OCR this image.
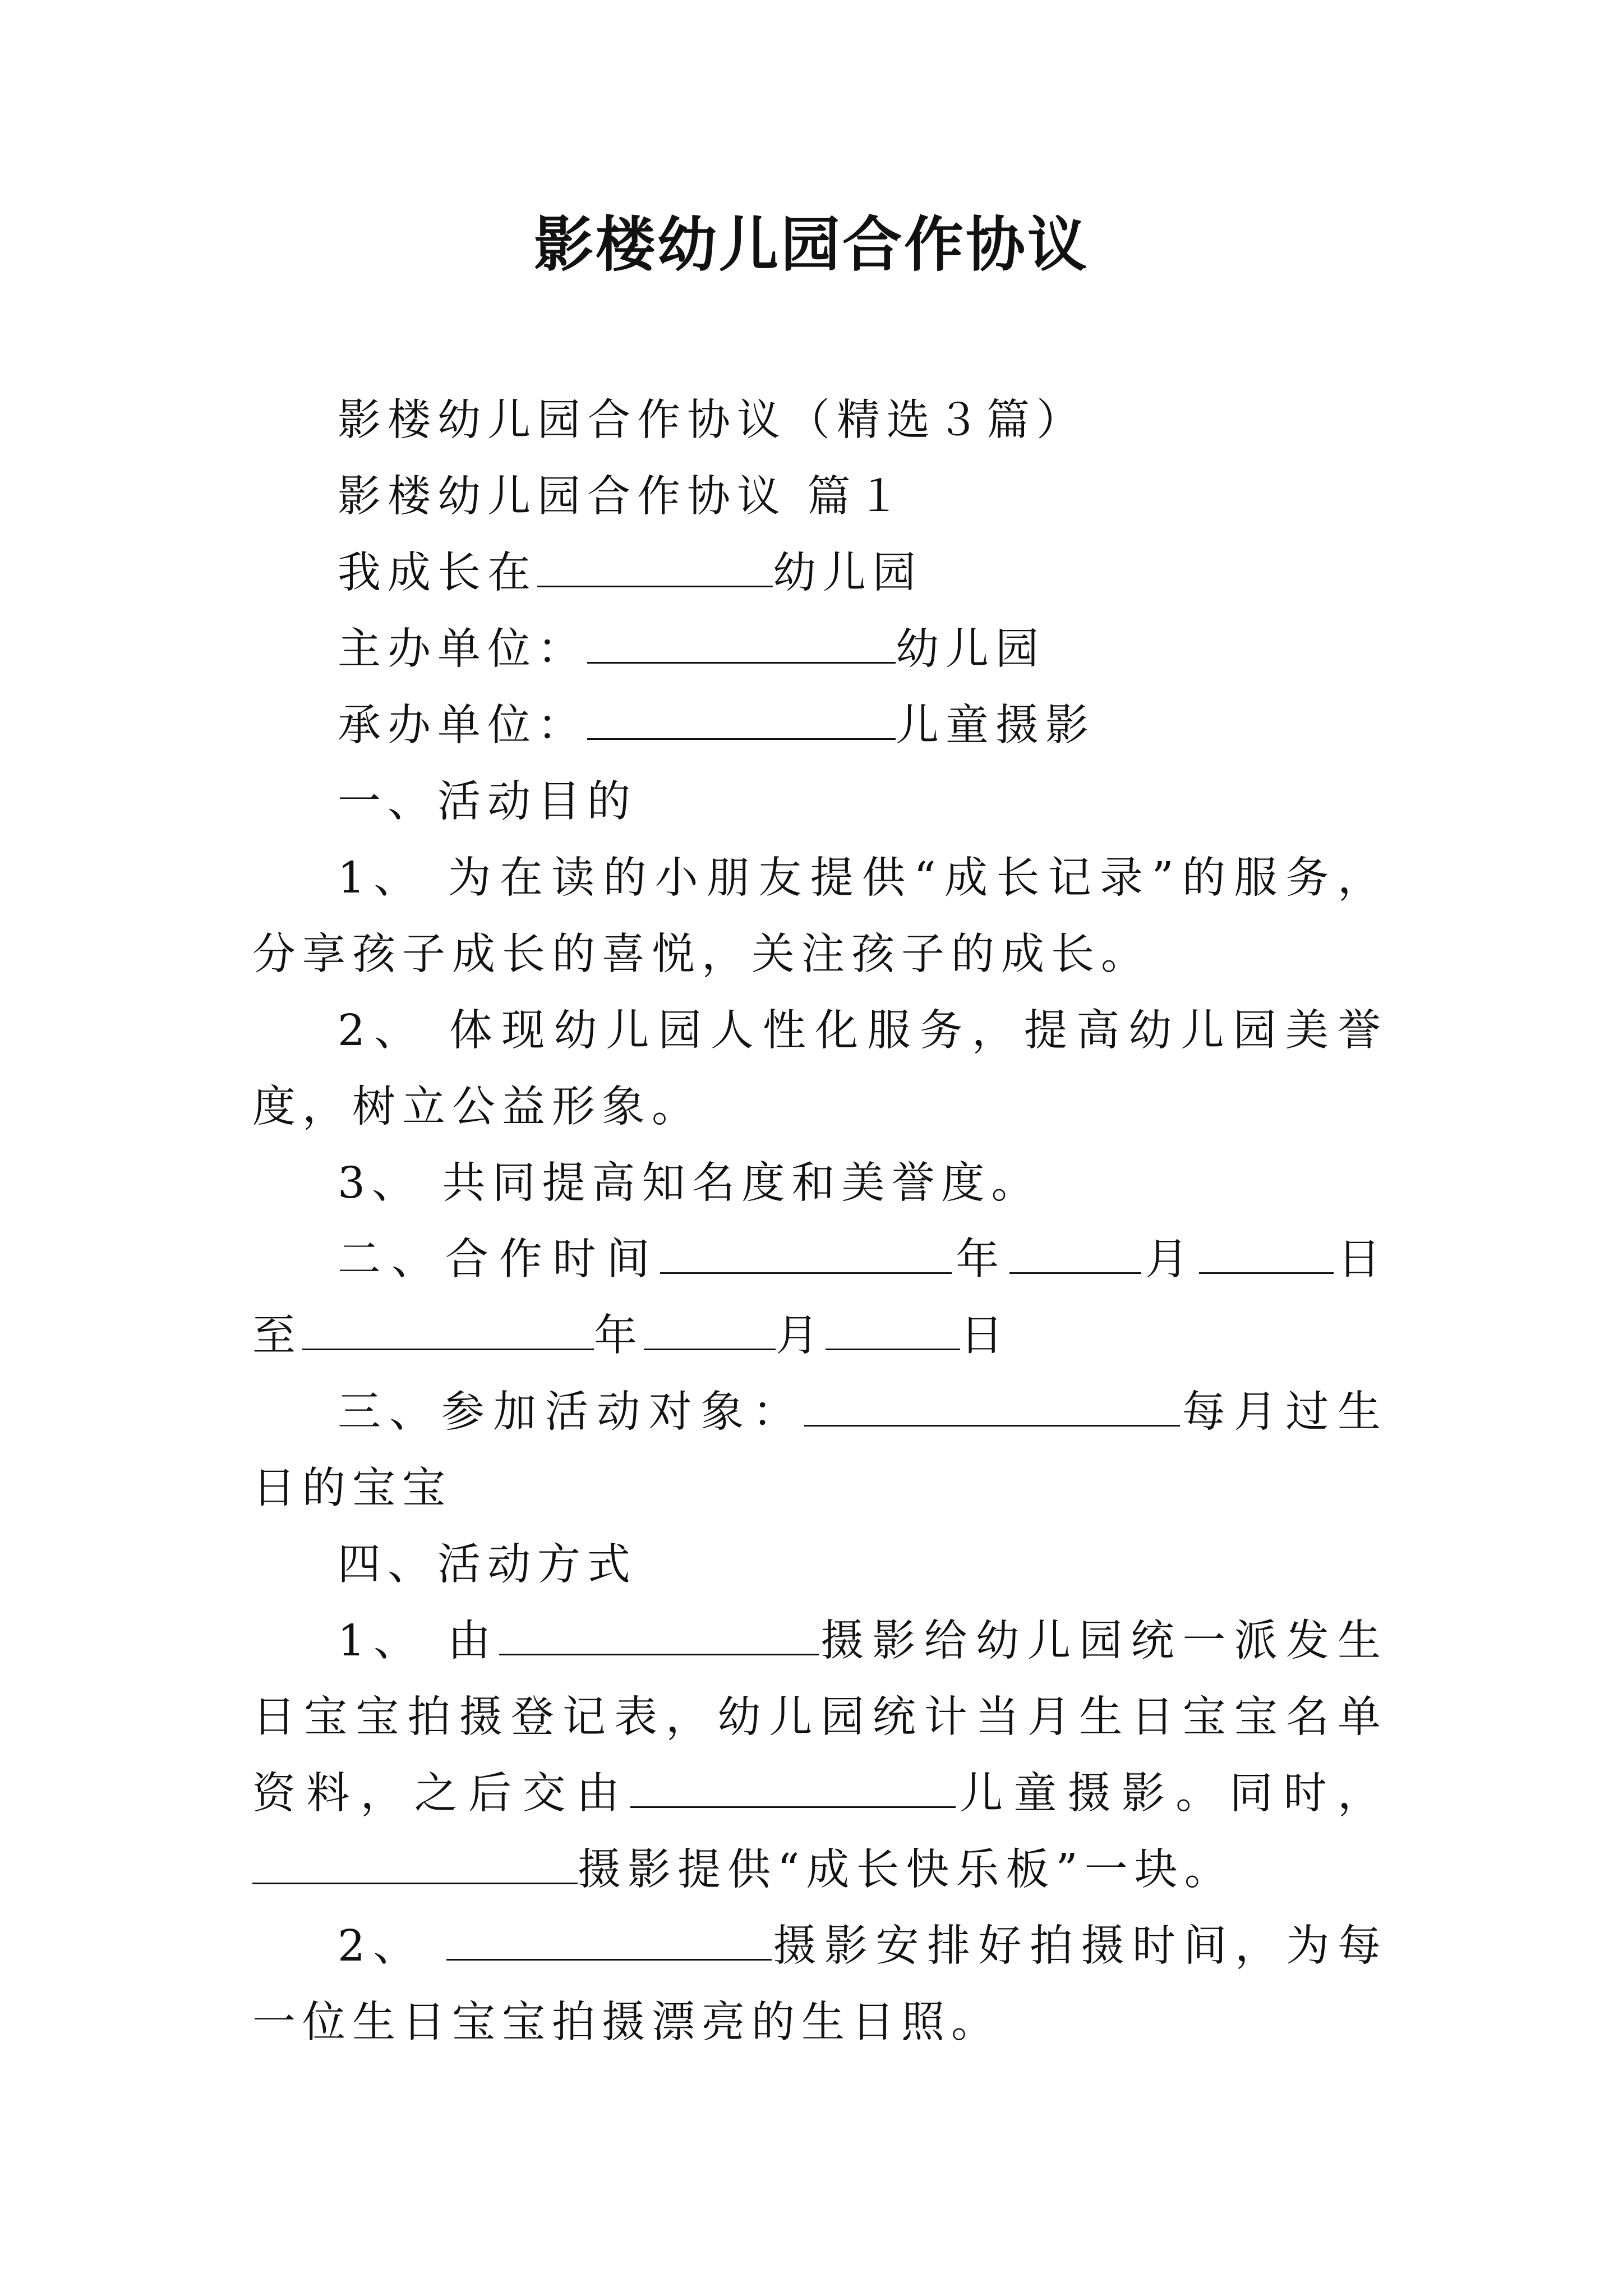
影楼幼儿园合作协议

影楼幼儿园合作协议（精选３篇）

影楼幼儿园合作协议 篇１

我成长在	幼儿园

主办单位：	幼儿园

承办单位：	儿童摄影

一、活动目的

1、 为在读的小朋友提供“成长记录”的服务，分享孩子成长的喜悦，关注孩子的成长。

2、 体现幼儿园人性化服务，提高幼儿园美誉度，树立公益形象。

3、 共同提高知名度和美誉度。

二、合作时间	年	月	日至	年	月	日

三、参加活动对象：	每月过生日的宝宝

四、活动方式

1、 由	摄影给幼儿园统一派发生日宝宝拍摄登记表，幼儿园统计当月生日宝宝名单资料，之后交由	儿童摄影。同时，摄影提供“成长快乐板”一块。

2、	摄影安排好拍摄时间，为每一位生日宝宝拍摄漂亮的生日照。
